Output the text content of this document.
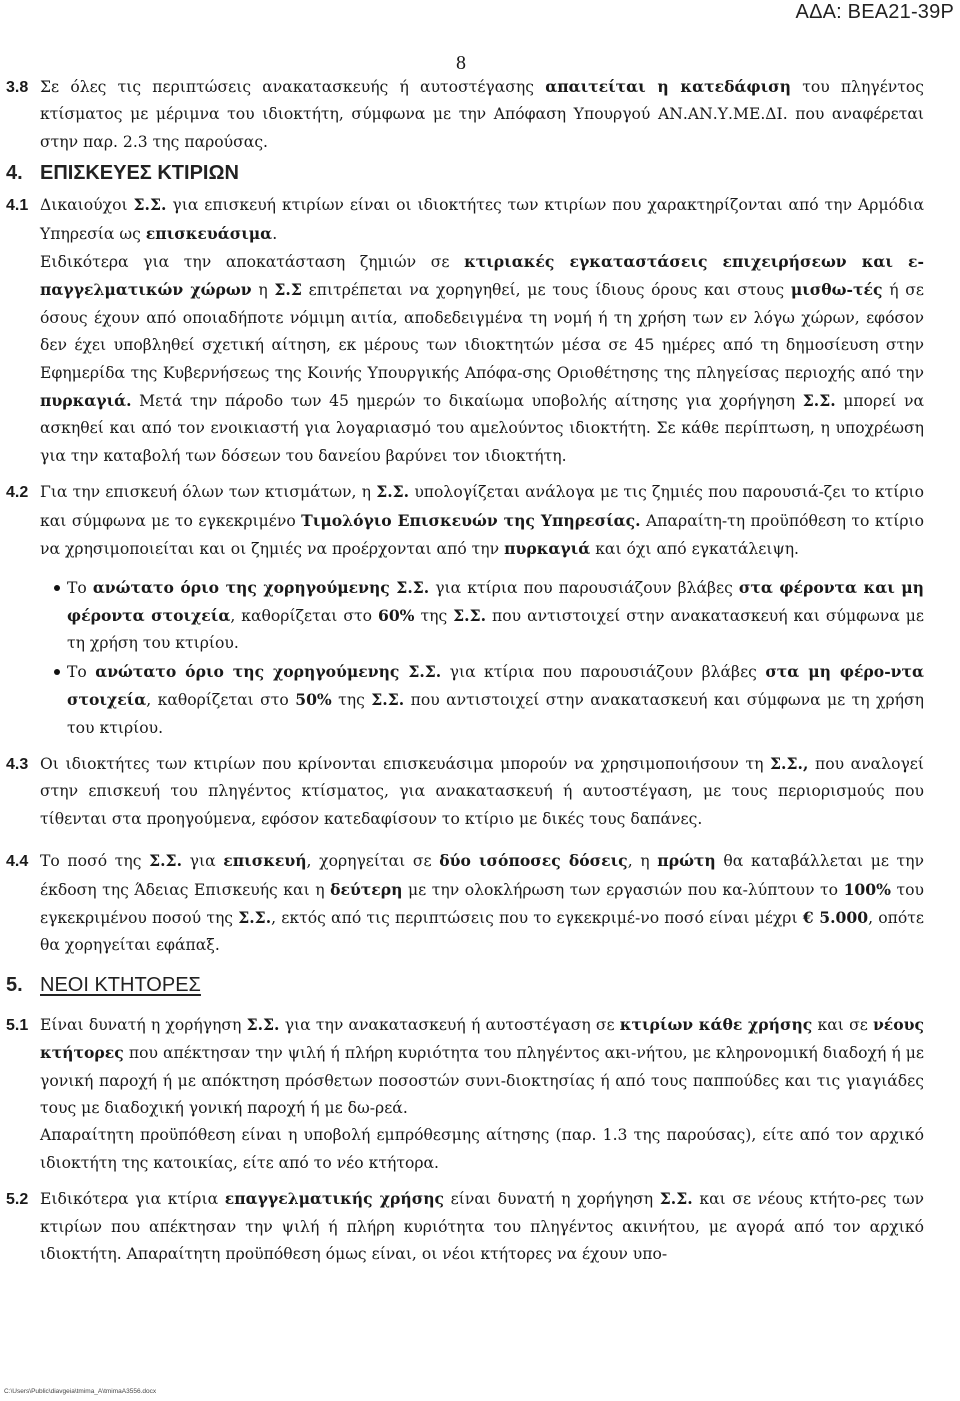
ΑΔΑ: ΒΕΑ21-39Ρ
8

3.8 Σε όλες τις περιπτώσεις ανακατασκευής ή αυτοστέγασης απαιτείται η κατεδάφιση του πληγέντος κτίσματος με μέριμνα του ιδιοκτήτη, σύμφωνα με την Απόφαση Υπουργού ΑΝ.ΑΝ.Υ.ΜΕ.ΔΙ. που αναφέρεται στην παρ. 2.3 της παρούσας.

4. ΕΠΙΣΚΕΥΕΣ ΚΤΙΡΙΩΝ

4.1 Δικαιούχοι Σ.Σ. για επισκευή κτιρίων είναι οι ιδιοκτήτες των κτιρίων που χαρακτηρίζονται από την Αρμόδια Υπηρεσία ως επισκευάσιμα.

Ειδικότερα για την αποκατάσταση ζημιών σε κτιριακές εγκαταστάσεις επιχειρήσεων και ε-παγγελματικών χώρων η Σ.Σ επιτρέπεται να χορηγηθεί, με τους ίδιους όρους και στους μισθω-τές ή σε όσους έχουν από οποιαδήποτε νόμιμη αιτία, αποδεδειγμένα τη νομή ή τη χρήση των εν λόγω χώρων, εφόσον δεν έχει υποβληθεί σχετική αίτηση, εκ μέρους των ιδιοκτητών μέσα σε 45 ημέρες από τη δημοσίευση στην Εφημερίδα της Κυβερνήσεως της Κοινής Υπουργικής Απόφα-σης Οριοθέτησης της πληγείσας περιοχής από την πυρκαγιά. Μετά την πάροδο των 45 ημερών το δικαίωμα υποβολής αίτησης για χορήγηση Σ.Σ. μπορεί να ασκηθεί και από τον ενοικιαστή για λογαριασμό του αμελούντος ιδιοκτήτη. Σε κάθε περίπτωση, η υποχρέωση για την καταβολή των δόσεων του δανείου βαρύνει τον ιδιοκτήτη.

4.2 Για την επισκευή όλων των κτισμάτων, η Σ.Σ. υπολογίζεται ανάλογα με τις ζημιές που παρουσιά-ζει το κτίριο και σύμφωνα με το εγκεκριμένο Τιμολόγιο Επισκευών της Υπηρεσίας. Απαραίτη-τη προϋπόθεση το κτίριο να χρησιμοποιείται και οι ζημιές να προέρχονται από την πυρκαγιά και όχι από εγκατάλειψη.

Το ανώτατο όριο της χορηγούμενης Σ.Σ. για κτίρια που παρουσιάζουν βλάβες στα φέροντα και μη φέροντα στοιχεία, καθορίζεται στο 60% της Σ.Σ. που αντιστοιχεί στην ανακατασκευή και σύμφωνα με τη χρήση του κτιρίου.
Το ανώτατο όριο της χορηγούμενης Σ.Σ. για κτίρια που παρουσιάζουν βλάβες στα μη φέρο-ντα στοιχεία, καθορίζεται στο 50% της Σ.Σ. που αντιστοιχεί στην ανακατασκευή και σύμφωνα με τη χρήση του κτιρίου.

4.3 Οι ιδιοκτήτες των κτιρίων που κρίνονται επισκευάσιμα μπορούν να χρησιμοποιήσουν τη Σ.Σ., που αναλογεί στην επισκευή του πληγέντος κτίσματος, για ανακατασκευή ή αυτοστέγαση, με τους περιορισμούς που τίθενται στα προηγούμενα, εφόσον κατεδαφίσουν το κτίριο με δικές τους δαπάνες.

4.4 Το ποσό της Σ.Σ. για επισκευή, χορηγείται σε δύο ισόποσες δόσεις, η πρώτη θα καταβάλλεται με την έκδοση της Άδειας Επισκευής και η δεύτερη με την ολοκλήρωση των εργασιών που κα-λύπτουν το 100% του εγκεκριμένου ποσού της Σ.Σ., εκτός από τις περιπτώσεις που το εγκεκριμέ-νο ποσό είναι μέχρι € 5.000, οπότε θα χορηγείται εφάπαξ.

5. ΝΕΟΙ ΚΤΗΤΟΡΕΣ

5.1 Είναι δυνατή η χορήγηση Σ.Σ. για την ανακατασκευή ή αυτοστέγαση σε κτιρίων κάθε χρήσης και σε νέους κτήτορες που απέκτησαν την ψιλή ή πλήρη κυριότητα του πληγέντος ακι-νήτου, με κληρονομική διαδοχή ή με γονική παροχή ή με απόκτηση πρόσθετων ποσοστών συνι-διοκτησίας ή από τους παππούδες και τις γιαγιάδες τους με διαδοχική γονική παροχή ή με δω-ρεά.

Απαραίτητη προϋπόθεση είναι η υποβολή εμπρόθεσμης αίτησης (παρ. 1.3 της παρούσας), είτε από τον αρχικό ιδιοκτήτη της κατοικίας, είτε από το νέο κτήτορα.

5.2 Ειδικότερα για κτίρια επαγγελματικής χρήσης είναι δυνατή η χορήγηση Σ.Σ. και σε νέους κτήτο-ρες των κτιρίων που απέκτησαν την ψιλή ή πλήρη κυριότητα του πληγέντος ακινήτου, με αγορά από τον αρχικό ιδιοκτήτη. Απαραίτητη προϋπόθεση όμως είναι, οι νέοι κτήτορες να έχουν υπο-

C:\Users\Public\diavgeia\tmima_A\tmimaA3556.docx
